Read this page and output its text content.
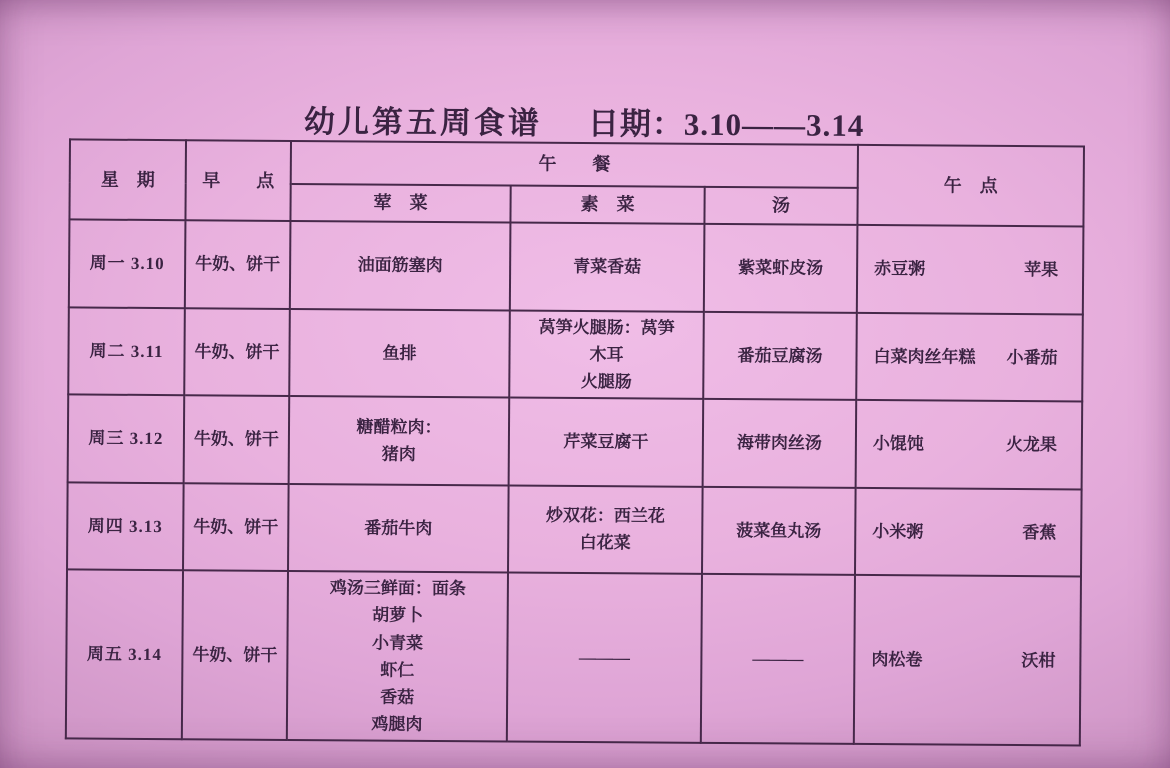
幼儿第五周食谱 日期：3.10——3.14
星　期	早　　点	午　　餐			午　点
		荤　菜	素　菜	汤	
周一 3.10	牛奶、饼干	油面筋塞肉	青菜香菇	紫菜虾皮汤	赤豆粥 苹果

周二 3.11	牛奶、饼干	鱼排	莴笋火腿肠：莴笋
木耳
火腿肠	番茄豆腐汤	白菜肉丝年糕 小番茄

周三 3.12	牛奶、饼干	糖醋粒肉：
猪肉	芹菜豆腐干	海带肉丝汤	小馄饨 火龙果

周四 3.13	牛奶、饼干	番茄牛肉	炒双花：西兰花
白花菜	菠菜鱼丸汤	小米粥 香蕉

周五 3.14	牛奶、饼干	鸡汤三鲜面：面条
胡萝卜
小青菜
虾仁
香菇
鸡腿肉	———	———	肉松卷	沃柑
